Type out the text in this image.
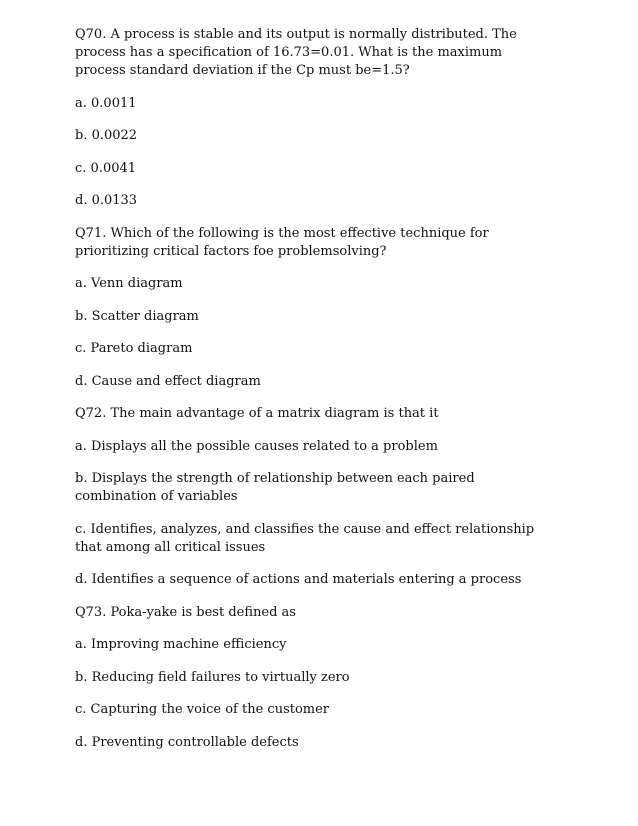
Q70. A process is stable and its output is normally distributed. The process has a specification of 16.73=0.01. What is the maximum process standard deviation if the Cp must be=1.5?

a. 0.0011

b. 0.0022

c. 0.0041

d. 0.0133

Q71. Which of the following is the most effective technique for prioritizing critical factors foe problemsolving?

a. Venn diagram

b. Scatter diagram

c. Pareto diagram

d. Cause and effect diagram

Q72. The main advantage of a matrix diagram is that it

a. Displays all the possible causes related to a problem

b. Displays the strength of relationship between each paired combination of variables

c. Identifies, analyzes, and classifies the cause and effect relationship that among all critical issues

d. Identifies a sequence of actions and materials entering a process

Q73. Poka-yake is best defined as

a. Improving machine efficiency

b. Reducing field failures to virtually zero

c. Capturing the voice of the customer

d. Preventing controllable defects
